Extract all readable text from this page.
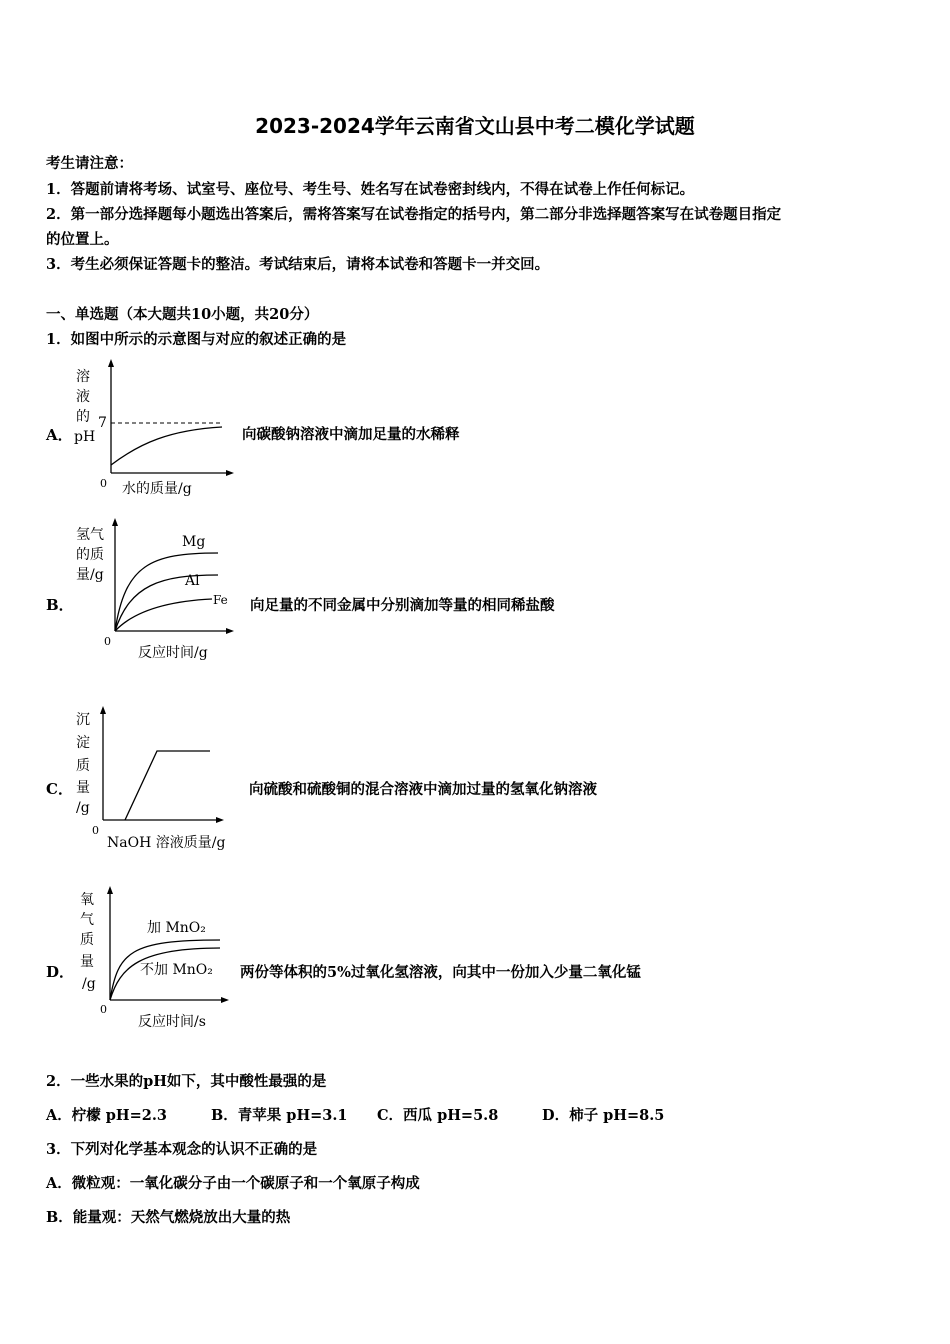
2023-2024学年云南省文山县中考二模化学试题
考生请注意：
1．答题前请将考场、试室号、座位号、考生号、姓名写在试卷密封线内，不得在试卷上作任何标记。
2．第一部分选择题每小题选出答案后，需将答案写在试卷指定的括号内，第二部分非选择题答案写在试卷题目指定
的位置上。
3．考生必须保证答题卡的整洁。考试结束后，请将本试卷和答题卡一并交回。
一、单选题（本大题共10小题，共20分）
1．如图中所示的示意图与对应的叙述正确的是
A．
溶
液
的
pH
7
0 水的质量/g
向碳酸钠溶液中滴加足量的水稀释
B．
Mg
Al
Fe
氢气
的质
量/g
0
反应时间/g
向足量的不同金属中分别滴加等量的相同稀盐酸
C．
沉
淀
质
量
/g
0
NaOH 溶液质量/g
向硫酸和硫酸铜的混合溶液中滴加过量的氢氧化钠溶液
D．
加 MnO₂
不加 MnO₂
氧
气
质
量
/g
0
反应时间/s
两份等体积的5%过氧化氢溶液，向其中一份加入少量二氧化锰
2．一些水果的pH如下，其中酸性最强的是
A．柠檬 pH=2.3	B．青苹果 pH=3.1 C．西瓜 pH=5.8	D．柿子 pH=8.5
3．下列对化学基本观念的认识不正确的是
A．微粒观：一氧化碳分子由一个碳原子和一个氧原子构成
B．能量观：天然气燃烧放出大量的热
